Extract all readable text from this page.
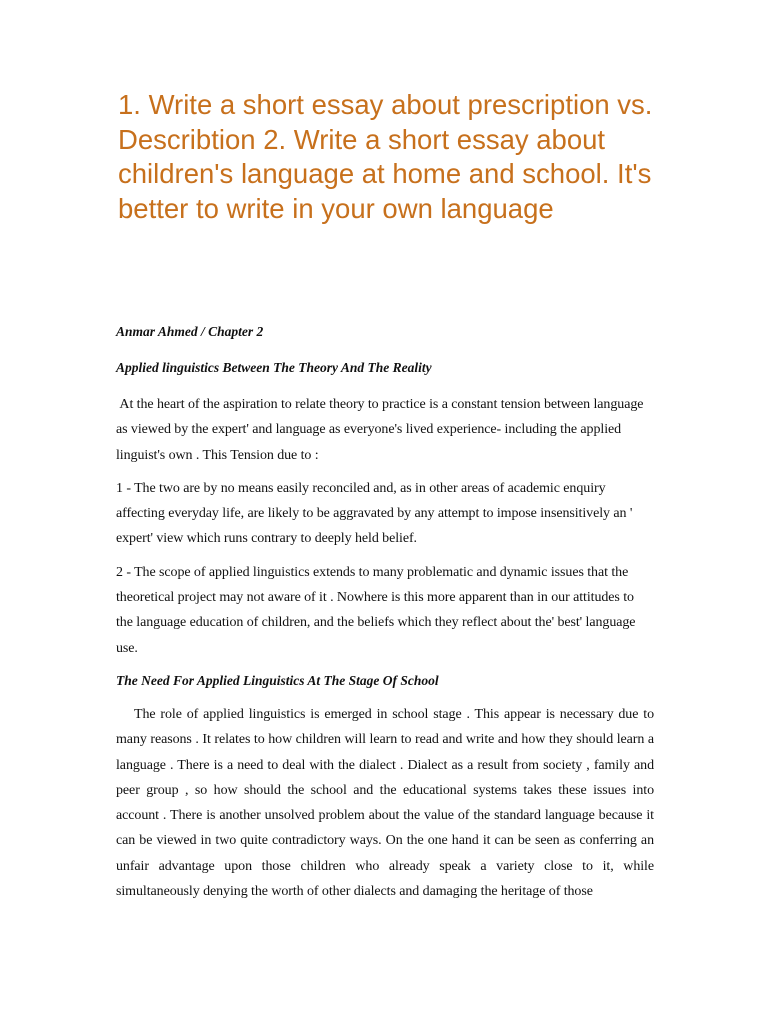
1. Write a short essay about prescription vs. Describtion 2. Write a short essay about children's language at home and school. It's better to write in your own language

Anmar Ahmed / Chapter 2

Applied linguistics Between The Theory And The Reality

At the heart of the aspiration to relate theory to practice is a constant tension between language as viewed by the expert' and language as everyone's lived experience- including the applied linguist's own . This Tension due to :

1 - The two are by no means easily reconciled and, as in other areas of academic enquiry affecting everyday life, are likely to be aggravated by any attempt to impose insensitively an ' expert' view which runs contrary to deeply held belief.

2 - The scope of applied linguistics extends to many problematic and dynamic issues that the theoretical project may not aware of it . Nowhere is this more apparent than in our attitudes to the language education of children, and the beliefs which they reflect about the' best' language use.

The Need For Applied Linguistics At The Stage Of School

The role of applied linguistics is emerged in school stage . This appear is necessary due to many reasons . It relates to how children will learn to read and write and how they should learn a language . There is a need to deal with the dialect . Dialect as a result from society , family and peer group , so how should the school and the educational systems takes these issues into account . There is another unsolved problem about the value of the standard language because it can be viewed in two quite contradictory ways. On the one hand it can be seen as conferring an unfair advantage upon those children who already speak a variety close to it, while simultaneously denying the worth of other dialects and damaging the heritage of those
